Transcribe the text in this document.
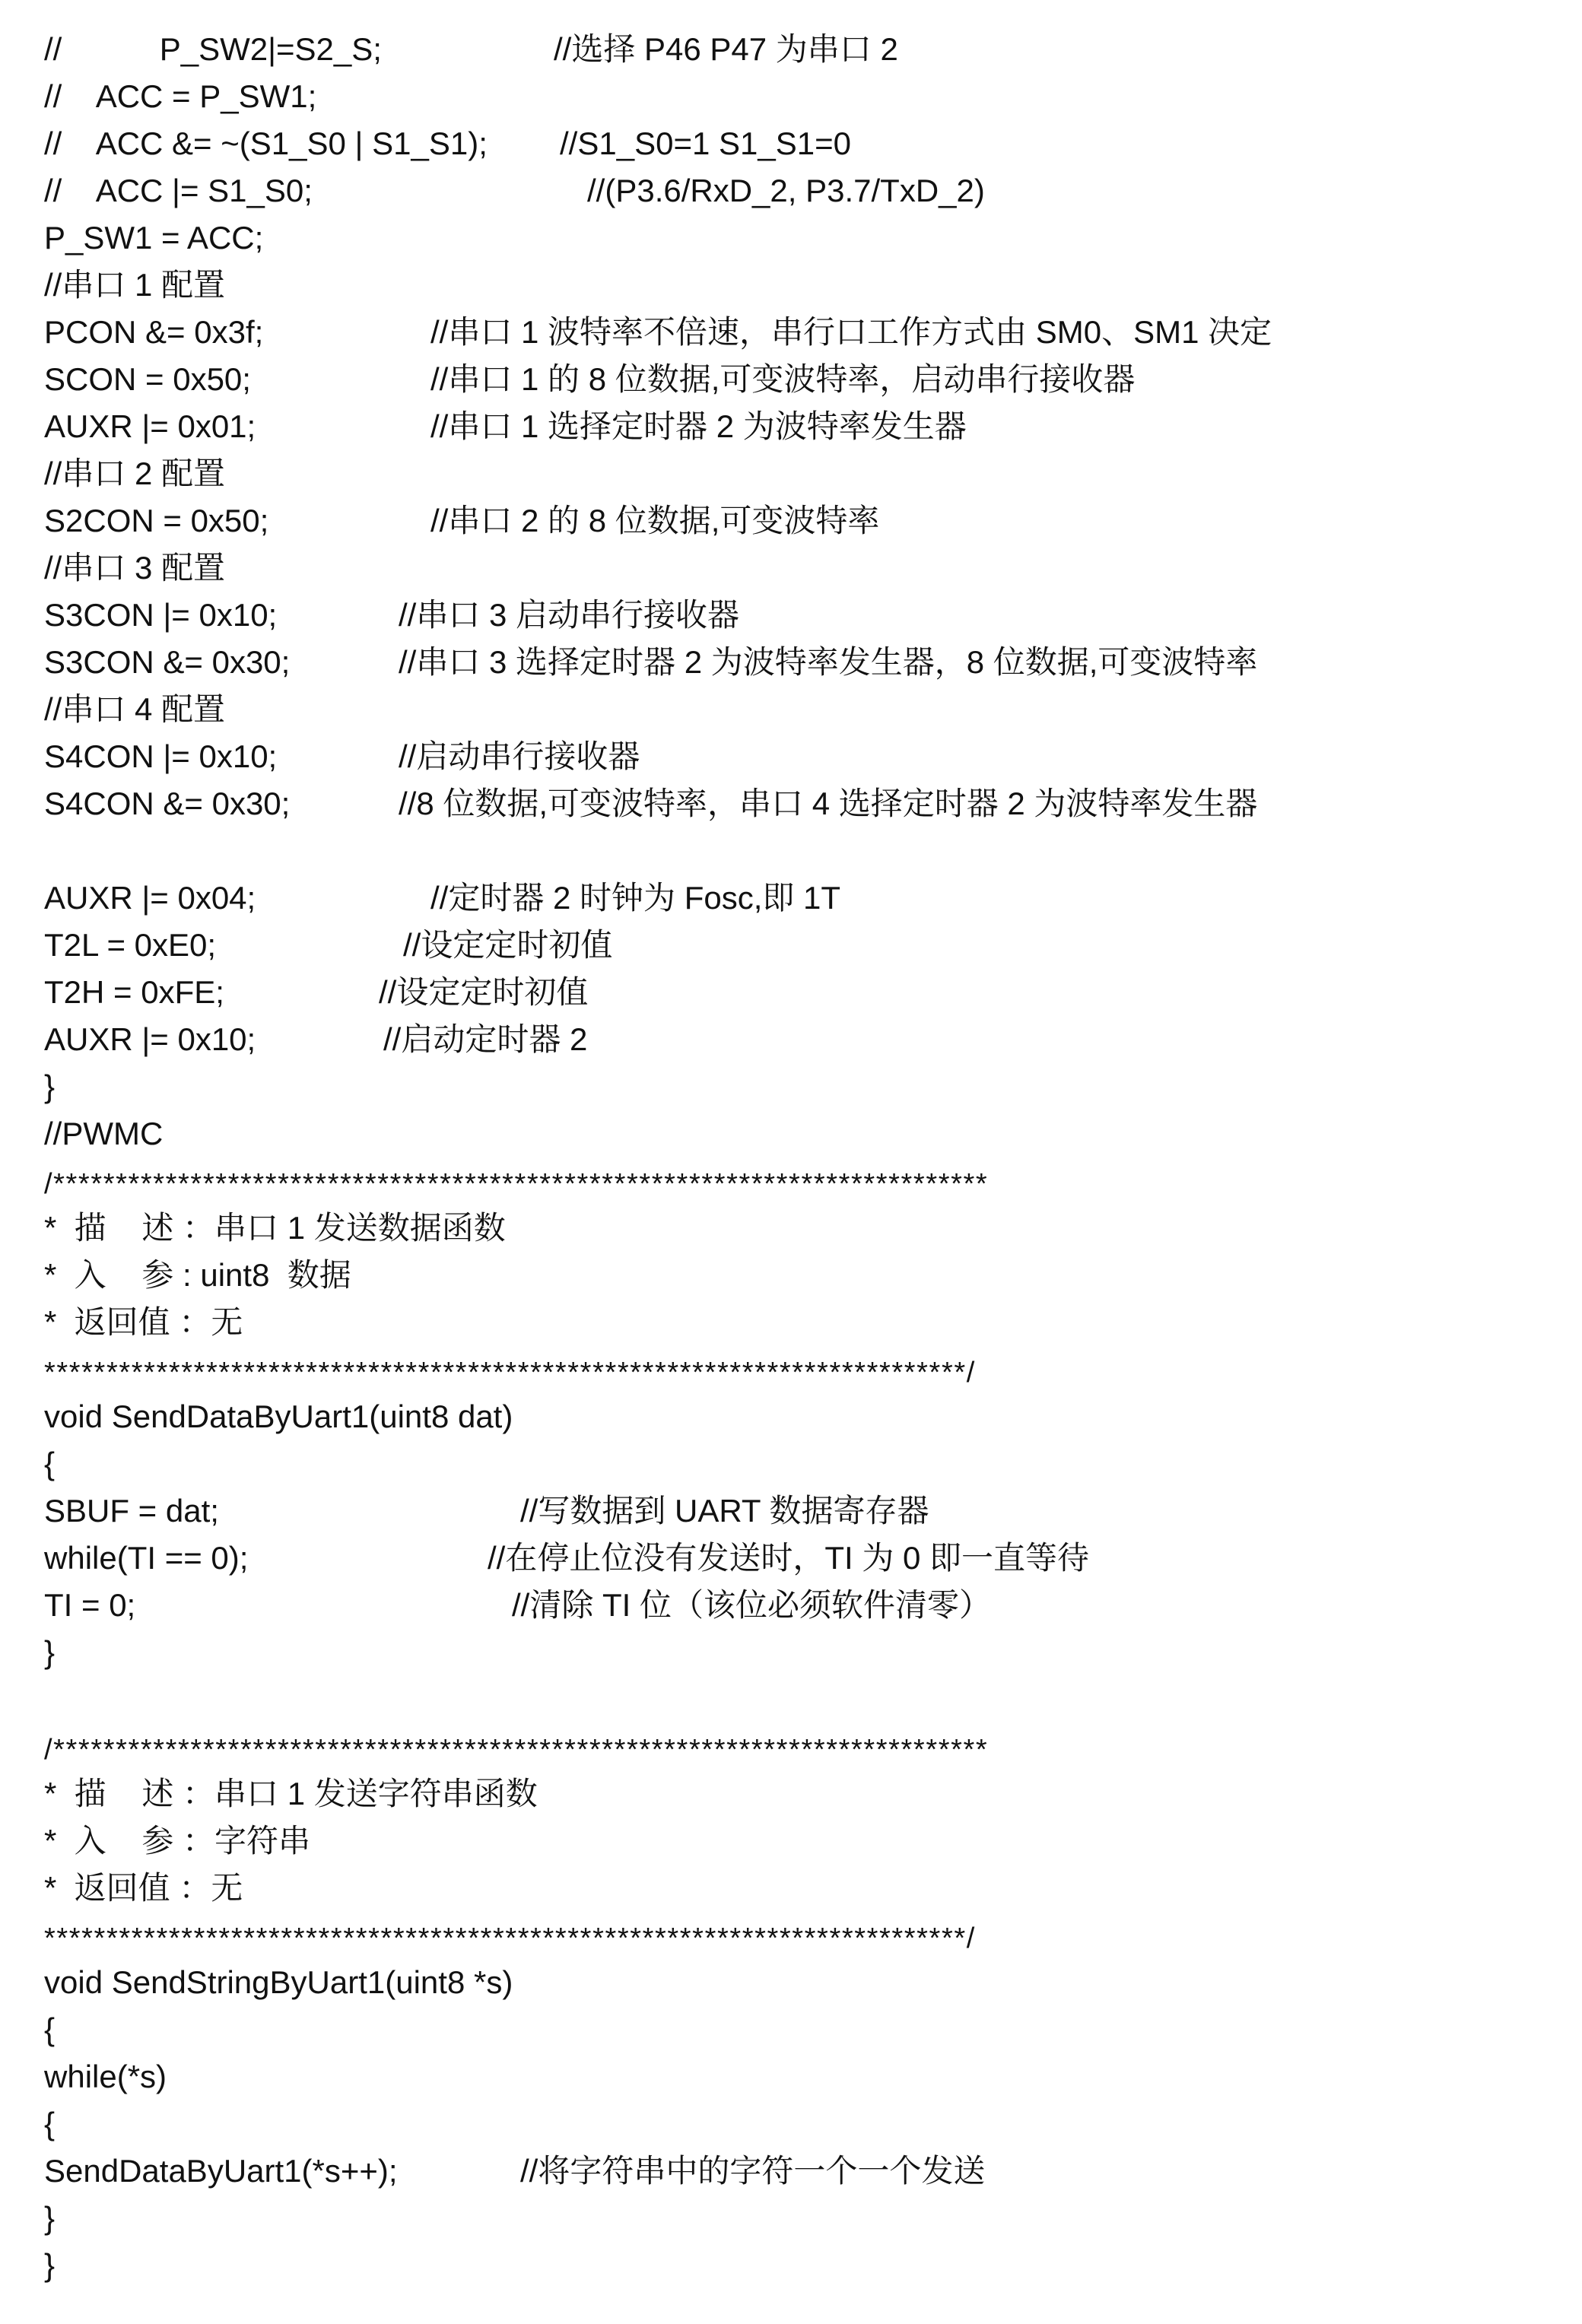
//           P_SW2|=S2_S;	//选择 P46 P47 为串口 2
//    ACC = P_SW1;
//    ACC &= ~(S1_S0 | S1_S1); //S1_S0=1 S1_S1=0
//    ACC |= S1_S0;	//(P3.6/RxD_2, P3.7/TxD_2)
P_SW1 = ACC;
//串口 1 配置
PCON &= 0x3f;	//串口 1 波特率不倍速，串行口工作方式由 SM0、SM1 决定
SCON = 0x50;	//串口 1 的 8 位数据,可变波特率，启动串行接收器
AUXR |= 0x01;	//串口 1 选择定时器 2 为波特率发生器
//串口 2 配置
S2CON = 0x50;	//串口 2 的 8 位数据,可变波特率
//串口 3 配置
S3CON |= 0x10;	//串口 3 启动串行接收器
S3CON &= 0x30;	//串口 3 选择定时器 2 为波特率发生器，8 位数据,可变波特率
//串口 4 配置
S4CON |= 0x10;	//启动串行接收器
S4CON &= 0x30;	//8 位数据,可变波特率，串口 4 选择定时器 2 为波特率发生器
AUXR |= 0x04;	//定时器 2 时钟为 Fosc,即 1T
T2L = 0xE0;	//设定定时初值
T2H = 0xFE;	//设定定时初值
AUXR |= 0x10;	//启动定时器 2
}
//PWMC
/***************************************************************************
*  描    述 ：串口 1 发送数据函数
*  入    参 : uint8  数据
*  返回值 ：无
**************************************************************************/
void SendDataByUart1(uint8 dat)
{
SBUF = dat;	//写数据到 UART 数据寄存器
while(TI == 0);	//在停止位没有发送时，TI 为 0 即一直等待
TI = 0;	//清除 TI 位（该位必须软件清零）
}
/***************************************************************************
*  描    述 ：串口 1 发送字符串函数
*  入    参 ：字符串
*  返回值 ：无
**************************************************************************/
void SendStringByUart1(uint8 *s)
{
while(*s)
{
SendDataByUart1(*s++);	//将字符串中的字符一个一个发送
}
}
